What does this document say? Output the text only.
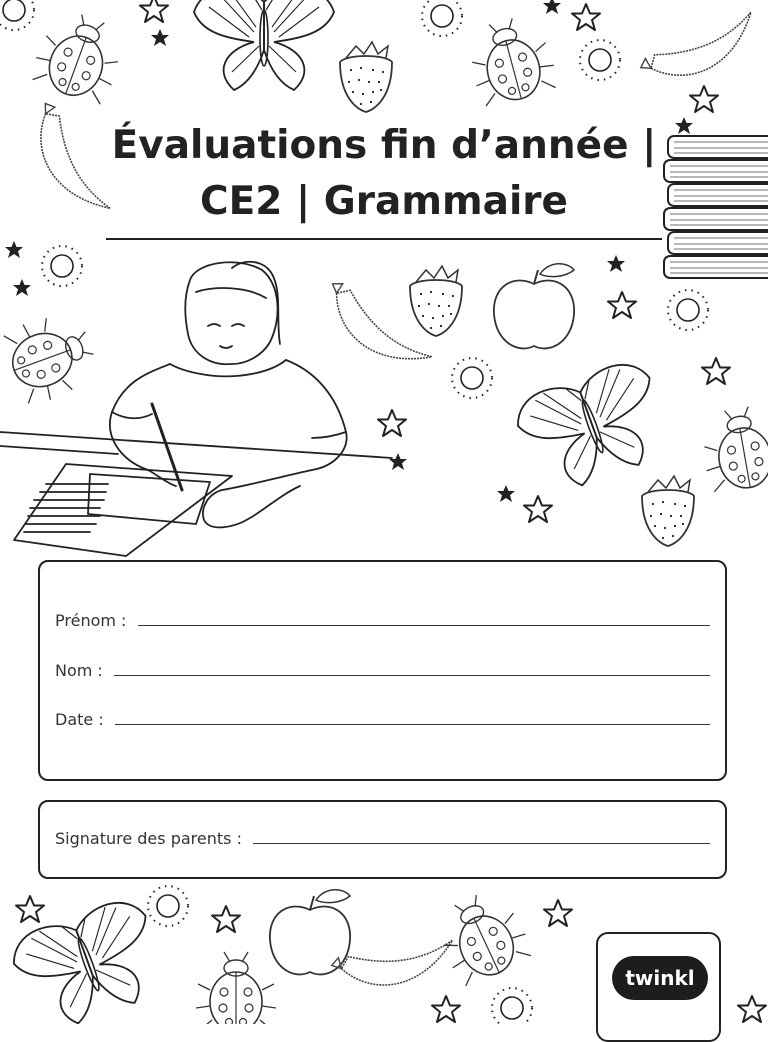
Évaluations fin d’année |
CE2 | Grammaire
Prénom :
Nom :
Date :
Signature des parents :
twinkl
